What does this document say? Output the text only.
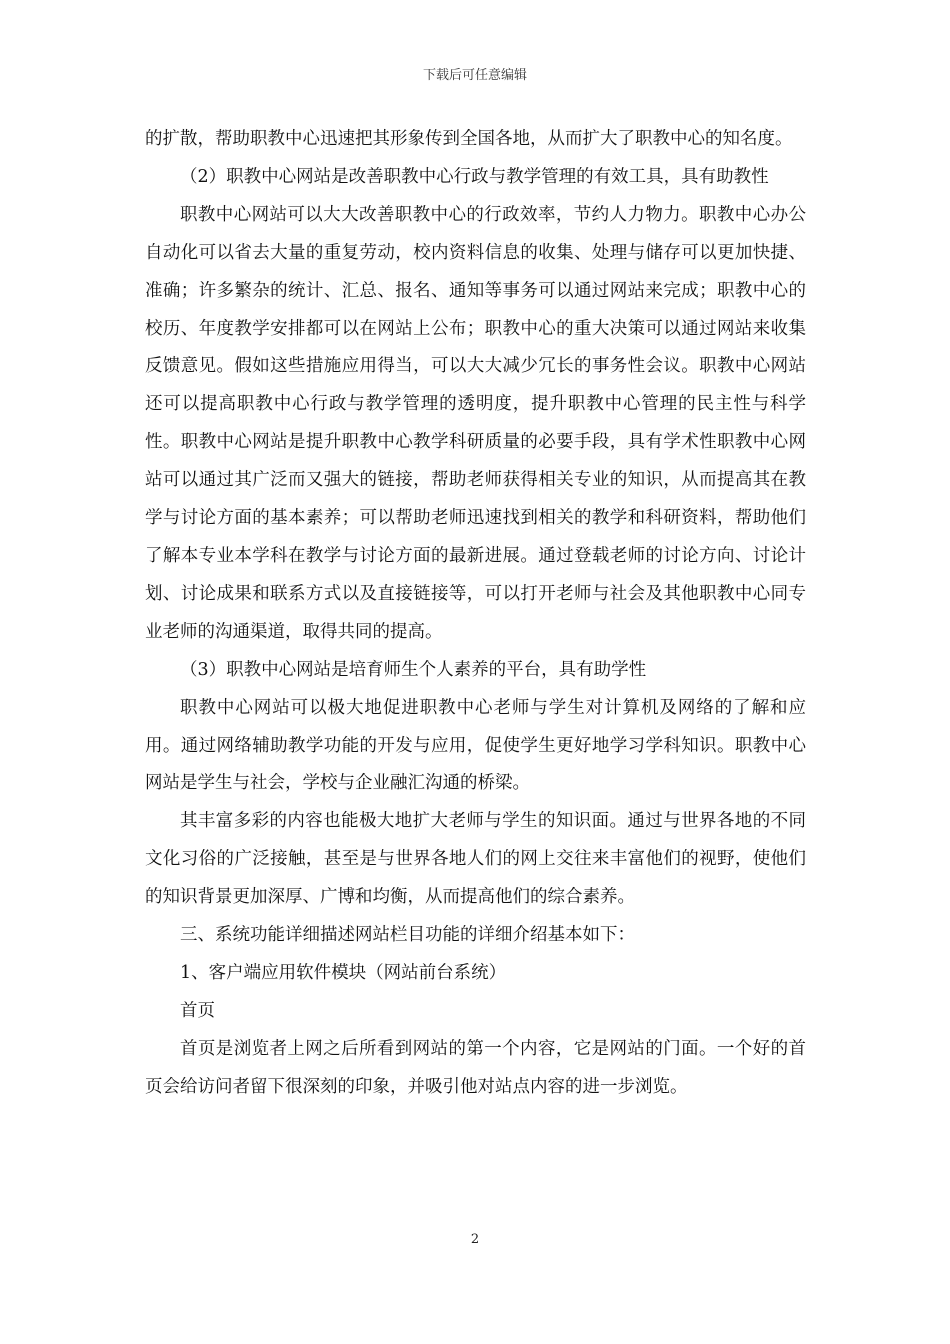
下载后可任意编辑

的扩散，帮助职教中心迅速把其形象传到全国各地，从而扩大了职教中心的知名度。

（2）职教中心网站是改善职教中心行政与教学管理的有效工具，具有助教性

职教中心网站可以大大改善职教中心的行政效率，节约人力物力。职教中心办公自动化可以省去大量的重复劳动，校内资料信息的收集、处理与储存可以更加快捷、准确；许多繁杂的统计、汇总、报名、通知等事务可以通过网站来完成；职教中心的校历、年度教学安排都可以在网站上公布；职教中心的重大决策可以通过网站来收集反馈意见。假如这些措施应用得当，可以大大减少冗长的事务性会议。职教中心网站还可以提高职教中心行政与教学管理的透明度，提升职教中心管理的民主性与科学性。职教中心网站是提升职教中心教学科研质量的必要手段，具有学术性职教中心网站可以通过其广泛而又强大的链接，帮助老师获得相关专业的知识，从而提高其在教学与讨论方面的基本素养；可以帮助老师迅速找到相关的教学和科研资料，帮助他们了解本专业本学科在教学与讨论方面的最新进展。通过登载老师的讨论方向、讨论计划、讨论成果和联系方式以及直接链接等，可以打开老师与社会及其他职教中心同专业老师的沟通渠道，取得共同的提高。

（3）职教中心网站是培育师生个人素养的平台，具有助学性

职教中心网站可以极大地促进职教中心老师与学生对计算机及网络的了解和应用。通过网络辅助教学功能的开发与应用，促使学生更好地学习学科知识。职教中心网站是学生与社会，学校与企业融汇沟通的桥梁。

其丰富多彩的内容也能极大地扩大老师与学生的知识面。通过与世界各地的不同文化习俗的广泛接触，甚至是与世界各地人们的网上交往来丰富他们的视野，使他们的知识背景更加深厚、广博和均衡，从而提高他们的综合素养。

三、系统功能详细描述网站栏目功能的详细介绍基本如下：

1、客户端应用软件模块（网站前台系统）

首页

首页是浏览者上网之后所看到网站的第一个内容，它是网站的门面。一个好的首页会给访问者留下很深刻的印象，并吸引他对站点内容的进一步浏览。

2
